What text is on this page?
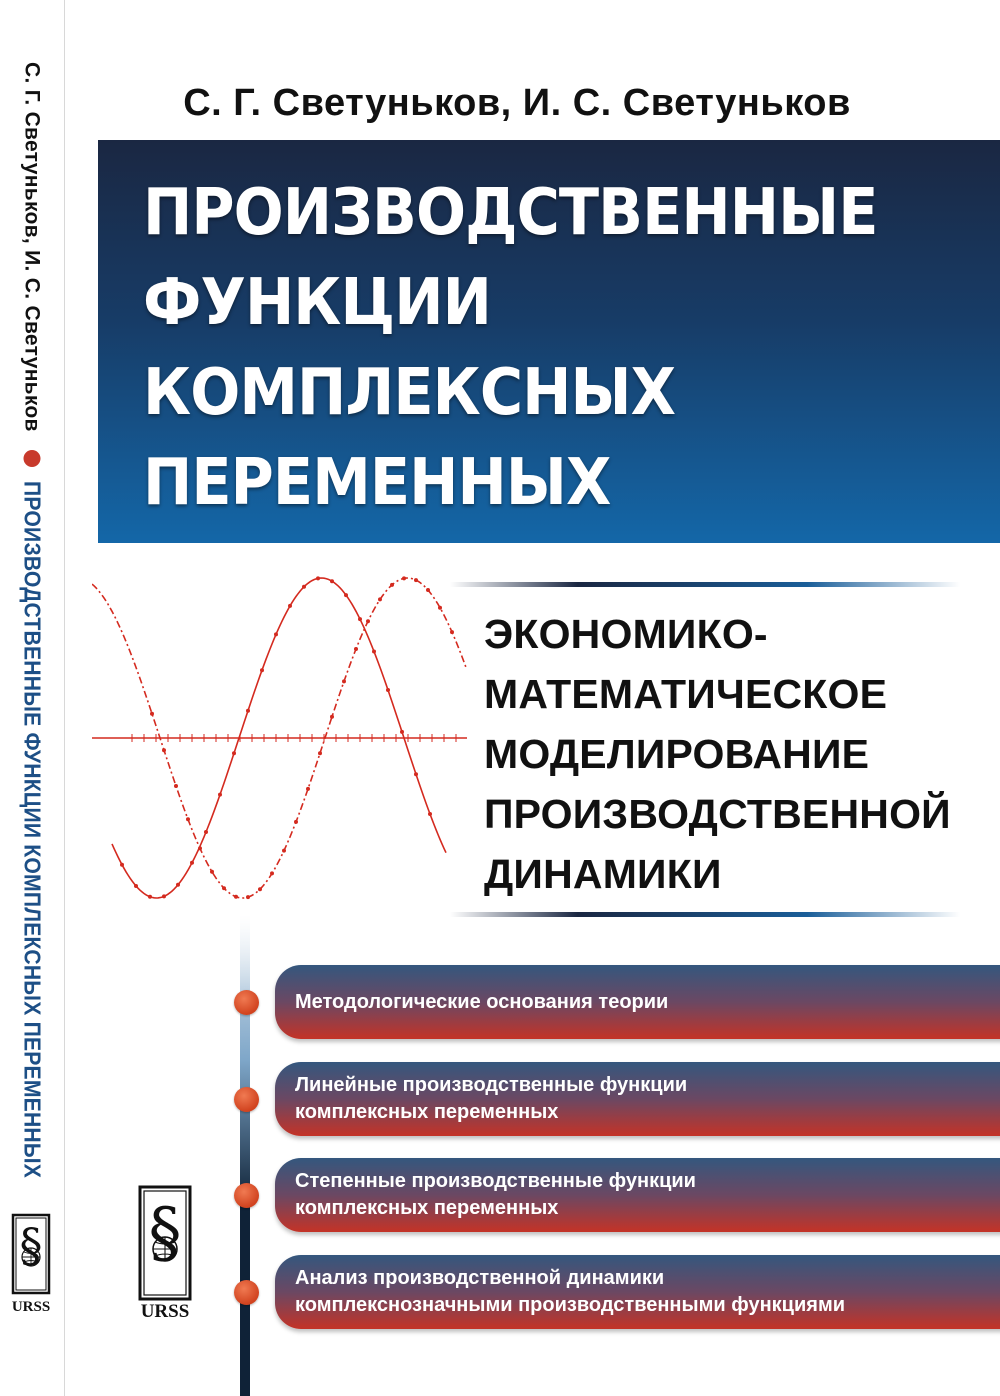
С. Г. Светуньков, И. С. Светуньков
ПРОИЗВОДСТВЕННЫЕ ФУНКЦИИ КОМПЛЕКСНЫХ ПЕРЕМЕННЫХ
§
URSS
С. Г. Светуньков, И. С. Светуньков
ПРОИЗВОДСТВЕННЫЕ
ФУНКЦИИ
КОМПЛЕКСНЫХ
ПЕРЕМЕННЫХ
ЭКОНОМИКО-
МАТЕМАТИЧЕСКОЕ
МОДЕЛИРОВАНИЕ
ПРОИЗВОДСТВЕННОЙ
ДИНАМИКИ
Методологические основания теории
Линейные производственные функции
комплексных переменных
Степенные производственные функции
комплексных переменных
Анализ производственной динамики
комплекснозначными производственными функциями
§
URSS
